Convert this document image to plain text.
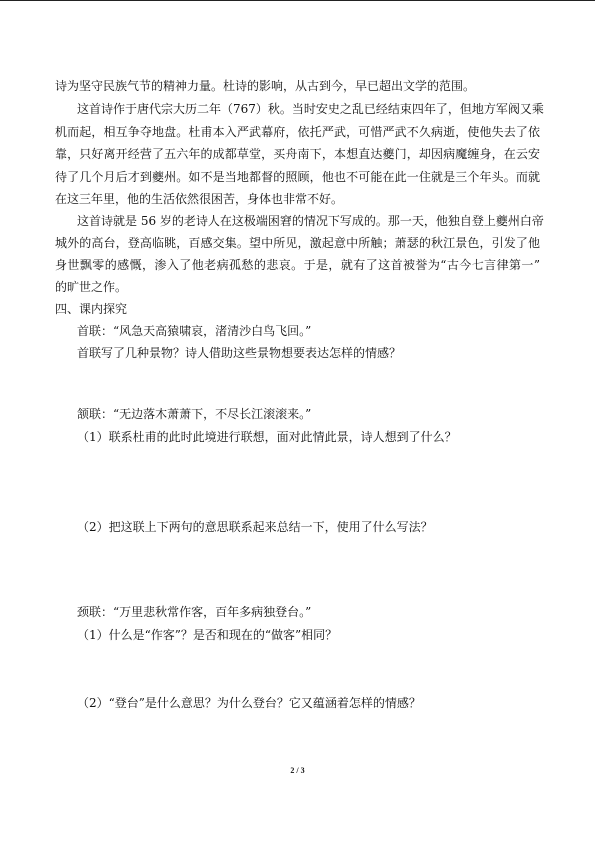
诗为坚守民族气节的精神力量。杜诗的影响，从古到今，早已超出文学的范围。
这首诗作于唐代宗大历二年（767）秋。当时安史之乱已经结束四年了，但地方军阀又乘
机而起，相互争夺地盘。杜甫本入严武幕府，依托严武，可惜严武不久病逝，使他失去了依
靠，只好离开经营了五六年的成都草堂，买舟南下，本想直达夔门，却因病魔缠身，在云安
待了几个月后才到夔州。如不是当地都督的照顾，他也不可能在此一住就是三个年头。而就
在这三年里，他的生活依然很困苦，身体也非常不好。
这首诗就是 56 岁的老诗人在这极端困窘的情况下写成的。那一天，他独自登上夔州白帝
城外的高台，登高临眺，百感交集。望中所见，激起意中所触；萧瑟的秋江景色，引发了他
身世飘零的感慨，渗入了他老病孤愁的悲哀。于是，就有了这首被誉为“古今七言律第一”
的旷世之作。
四、课内探究
首联：“风急天高猿啸哀，渚清沙白鸟飞回。”
首联写了几种景物？诗人借助这些景物想要表达怎样的情感？
颔联：“无边落木萧萧下，不尽长江滚滚来。”
（1）联系杜甫的此时此境进行联想，面对此情此景，诗人想到了什么？
（2）把这联上下两句的意思联系起来总结一下，使用了什么写法？
颈联：“万里悲秋常作客，百年多病独登台。”
（1）什么是“作客”？是否和现在的“做客”相同？
（2）“登台”是什么意思？为什么登台？它又蕴涵着怎样的情感？
2 / 3
